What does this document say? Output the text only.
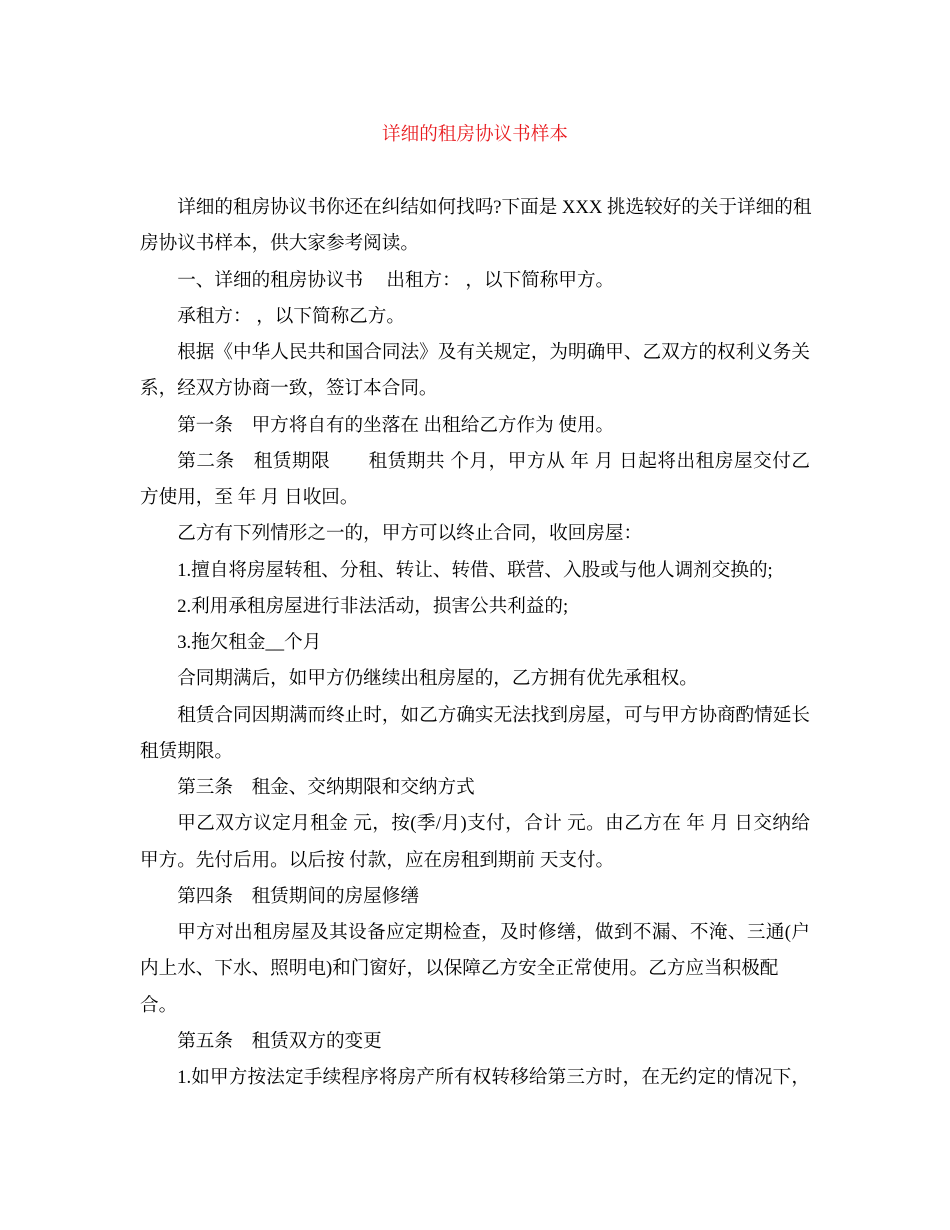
详细的租房协议书样本
详细的租房协议书你还在纠结如何找吗?下面是 XXX 挑选较好的关于详细的租
房协议书样本，供大家参考阅读。
一、详细的租房协议书　 出租方： ，以下简称甲方。
承租方： ，以下简称乙方。
根据《中华人民共和国合同法》及有关规定，为明确甲、乙双方的权利义务关
系，经双方协商一致，签订本合同。
第一条　甲方将自有的坐落在 出租给乙方作为 使用。
第二条　租赁期限　　租赁期共 个月，甲方从 年 月 日起将出租房屋交付乙
方使用，至 年 月 日收回。
乙方有下列情形之一的，甲方可以终止合同，收回房屋：
1.擅自将房屋转租、分租、转让、转借、联营、入股或与他人调剂交换的;
2.利用承租房屋进行非法活动，损害公共利益的;
3.拖欠租金__个月
合同期满后，如甲方仍继续出租房屋的，乙方拥有优先承租权。
租赁合同因期满而终止时，如乙方确实无法找到房屋，可与甲方协商酌情延长
租赁期限。
第三条　租金、交纳期限和交纳方式
甲乙双方议定月租金 元，按(季/月)支付，合计 元。由乙方在 年 月 日交纳给
甲方。先付后用。以后按 付款，应在房租到期前 天支付。
第四条　租赁期间的房屋修缮
甲方对出租房屋及其设备应定期检查，及时修缮，做到不漏、不淹、三通(户
内上水、下水、照明电)和门窗好，以保障乙方安全正常使用。乙方应当积极配
合。
第五条　租赁双方的变更
1.如甲方按法定手续程序将房产所有权转移给第三方时，在无约定的情况下，
